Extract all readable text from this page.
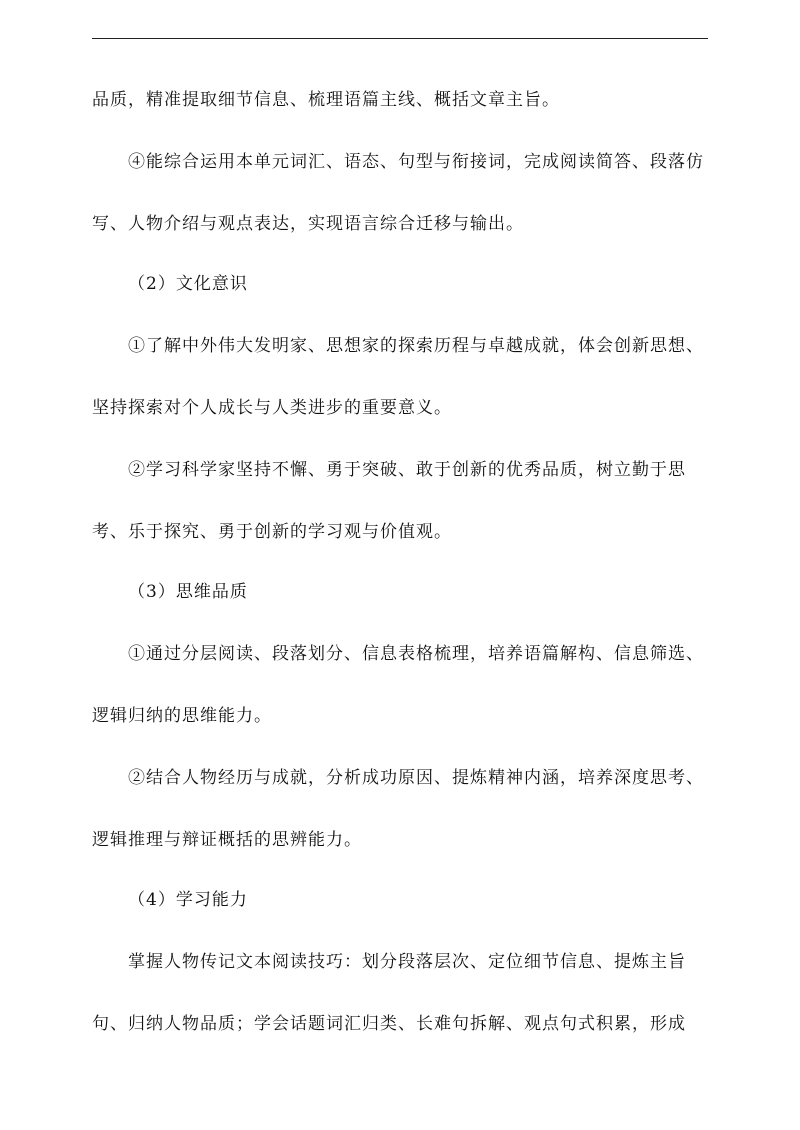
品质，精准提取细节信息、梳理语篇主线、概括文章主旨。
④能综合运用本单元词汇、语态、句型与衔接词，完成阅读简答、段落仿
写、人物介绍与观点表达，实现语言综合迁移与输出。
（2）文化意识
①了解中外伟大发明家、思想家的探索历程与卓越成就，体会创新思想、
坚持探索对个人成长与人类进步的重要意义。
②学习科学家坚持不懈、勇于突破、敢于创新的优秀品质，树立勤于思
考、乐于探究、勇于创新的学习观与价值观。
（3）思维品质
①通过分层阅读、段落划分、信息表格梳理，培养语篇解构、信息筛选、
逻辑归纳的思维能力。
②结合人物经历与成就，分析成功原因、提炼精神内涵，培养深度思考、
逻辑推理与辩证概括的思辨能力。
（4）学习能力
掌握人物传记文本阅读技巧：划分段落层次、定位细节信息、提炼主旨
句、归纳人物品质；学会话题词汇归类、长难句拆解、观点句式积累，形成
